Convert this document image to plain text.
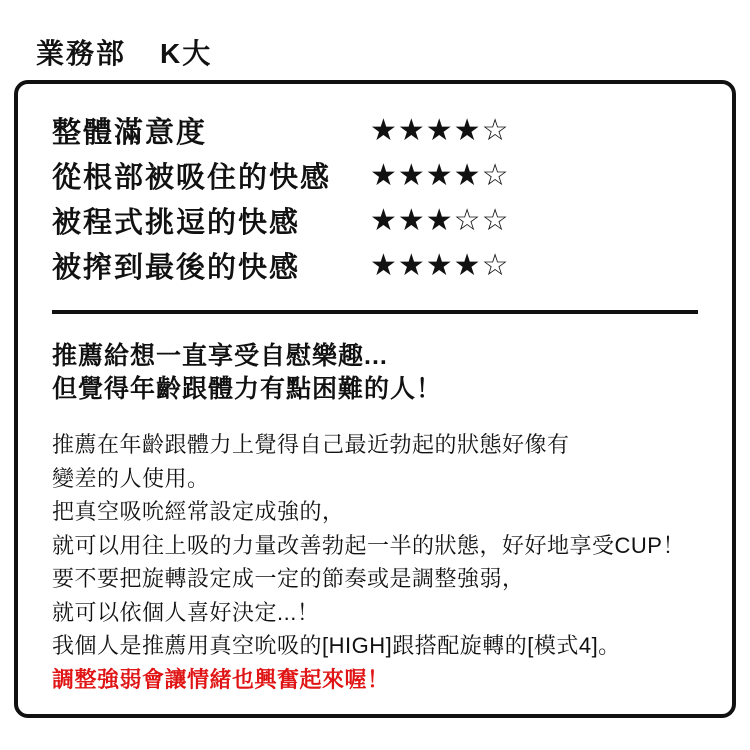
業務部 K大
整體滿意度	★★★★☆
從根部被吸住的快感	★★★★☆
被程式挑逗的快感	★★★☆☆
被搾到最後的快感	★★★★☆

推薦給想一直享受自慰樂趣...

但覺得年齡跟體力有點困難的人！

推薦在年齡跟體力上覺得自己最近勃起的狀態好像有

變差的人使用。

把真空吸吮經常設定成強的，

就可以用往上吸的力量改善勃起一半的狀態，好好地享受CUP！

要不要把旋轉設定成一定的節奏或是調整強弱，

就可以依個人喜好決定...！

我個人是推薦用真空吮吸的[HIGH]跟搭配旋轉的[模式4]。

調整強弱會讓情緒也興奮起來喔！
